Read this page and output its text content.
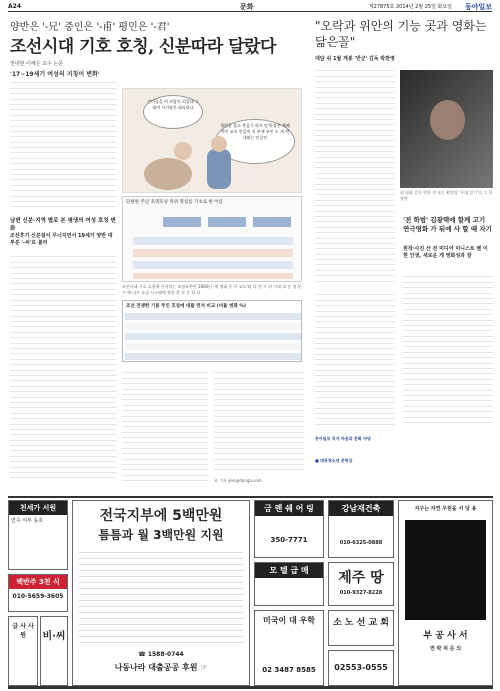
A24	문화	제27875호 2014년 2월 25일 화요일 동아일보
양반은 '-兄' 중인은 '-甫' 평민은 '-君'
조선시대 기호 호칭, 신분따라 달랐다
권내현·이혜은 교수 논문
'17~19세기 여성의 지칭어 변화'
남편 신분·지역 별로 본 평생의 여성 호칭 변화
조선후기 신분질서 무너지면서 19세기 양반 대부분 '-씨'로 불러
건어물을 여 사람이 되었네 그대여 사가양은 따라하다
형편을 잡고 축음기 하지 말게 방은 체폐력이 조지 안을의 이 부계 부인 도 게 박 내외는 안길인
단편한 주인 호명호칭 직위 명칭를 기초로 한 이름
조선시대 기호 호칭에 가지치는 조정조편인 1800년 '세 명대 등 사 교도'와 다 전 프 러 시대 교 분 정 분 프 에 다른 호칭 시스템에 관한 한 차 문 하 다
조선 전쟁한 기름 주인 호칭에 대를 먼저 비교 (비율 변화 %)
조 기자 ijen@donga.com
"오락과 위안의 기능 곳과 영화는 닮은꼴"
대담 쉬 1월 게봉 '반군' 김독 박찬영
최 영화 감독 박찬 전 보는 촬영장 '무대 일기'의 그 한 장면
'전 학범' 김광택에 함께 고기 연극영화 가 뒤에 사 할 때 자기
원작·사진 산 전 미디어 미니스트 벤 이 현 인생, 새로운 게 영화성과 잘
동아일보 독자 마음과 문화 마당
■ 대동청소년 문학상
천세가 서원
연수 서부 동호
백반주 3천 식
010-5659-3605
급 사 사 원	비·씨
전국지부에 5백만원
틈틈과 월 3백만원 지원
☎ 1588-0744
나동나라 대출공공 후원 ☞
금 렌 쉐 어 링
350-7771
강남재건축
010-6325-0888
제주 땅
010-9327-8228
모 텔 급 매
소 노 선 교 회
미국이 대 우학
02 3487 8585	02553-0555
지구는 자연 무원을 서 당 용
부 공 사 서
연 락 처 문 의
